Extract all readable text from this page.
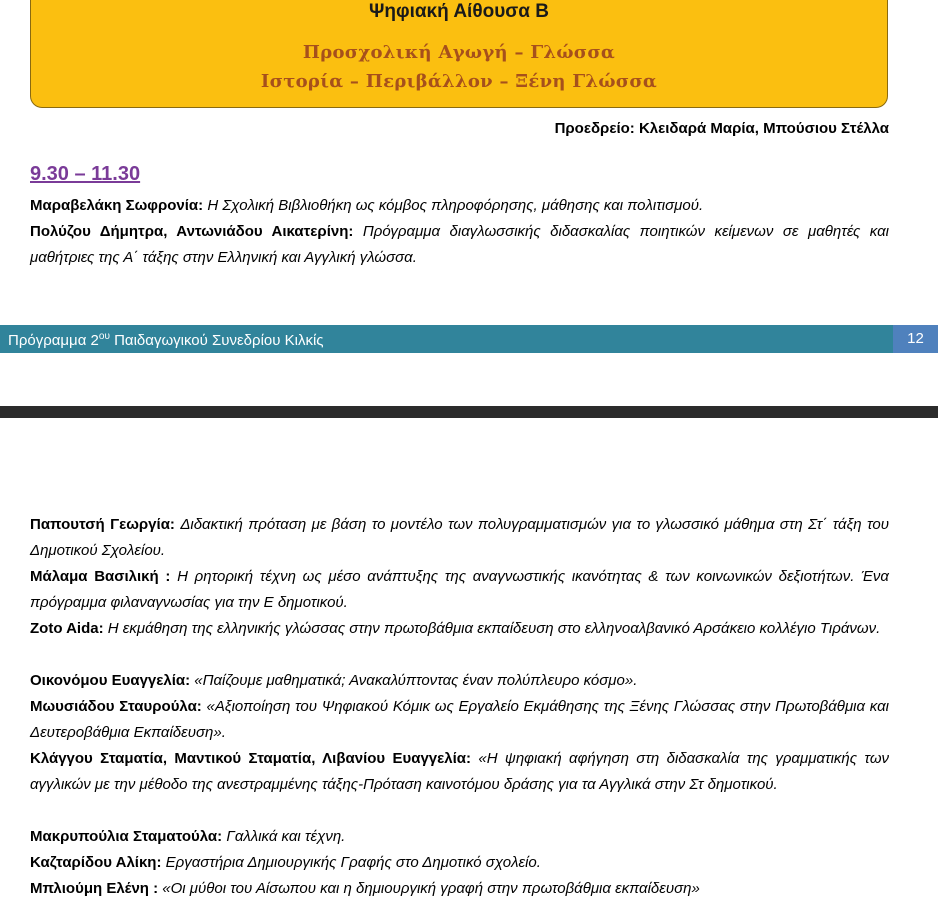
Ψηφιακή Αίθουσα Β
Προσχολική Αγωγή – Γλώσσα
Ιστορία – Περιβάλλον – Ξένη Γλώσσα
Προεδρείο: Κλειδαρά Μαρία, Μπούσιου Στέλλα
9.30 – 11.30
Μαραβελάκη Σωφρονία: Η Σχολική Βιβλιοθήκη ως κόμβος πληροφόρησης, μάθησης και πολιτισμού.
Πολύζου Δήμητρα, Αντωνιάδου Αικατερίνη: Πρόγραμμα διαγλωσσικής διδασκαλίας ποιητικών κείμενων σε μαθητές και μαθήτριες της Α΄ τάξης στην Ελληνική και Αγγλική γλώσσα.
Πρόγραμμα $2^{o\upsilon}$ Παιδαγωγικού Συνεδρίου Κιλκίς	12
Παπουτσή Γεωργία: Διδακτική πρόταση με βάση το μοντέλο των πολυγραμματισμών για το γλωσσικό μάθημα στη Στ΄ τάξη του Δημοτικού Σχολείου.
Μάλαμα Βασιλική : Η ρητορική τέχνη ως μέσο ανάπτυξης της αναγνωστικής ικανότητας & των κοινωνικών δεξιοτήτων. Ένα πρόγραμμα φιλαναγνωσίας για την Ε δημοτικού.
Zoto Aida: Η εκμάθηση της ελληνικής γλώσσας στην πρωτοβάθμια εκπαίδευση στο ελληνοαλβανικό Αρσάκειο κολλέγιο Τιράνων.
Οικονόμου Ευαγγελία: «Παίζουμε μαθηματικά; Ανακαλύπτοντας έναν πολύπλευρο κόσμο».
Μωυσιάδου Σταυρούλα: «Αξιοποίηση του Ψηφιακού Κόμικ ως Εργαλείο Εκμάθησης της Ξένης Γλώσσας στην Πρωτοβάθμια και Δευτεροβάθμια Εκπαίδευση».
Κλάγγου Σταματία, Μαντικού Σταματία, Λιβανίου Ευαγγελία: «Η ψηφιακή αφήγηση στη διδασκαλία της γραμματικής των αγγλικών με την μέθοδο της ανεστραμμένης τάξης-Πρόταση καινοτόμου δράσης για τα Αγγλικά στην Στ δημοτικού.
Μακρυπούλια Σταματούλα: Γαλλικά και τέχνη.
Καζταρίδου Αλίκη: Εργαστήρια Δημιουργικής Γραφής στο Δημοτικό σχολείο.
Μπλιούμη Ελένη : «Οι μύθοι του Αίσωπου και η δημιουργική γραφή στην πρωτοβάθμια εκπαίδευση»
